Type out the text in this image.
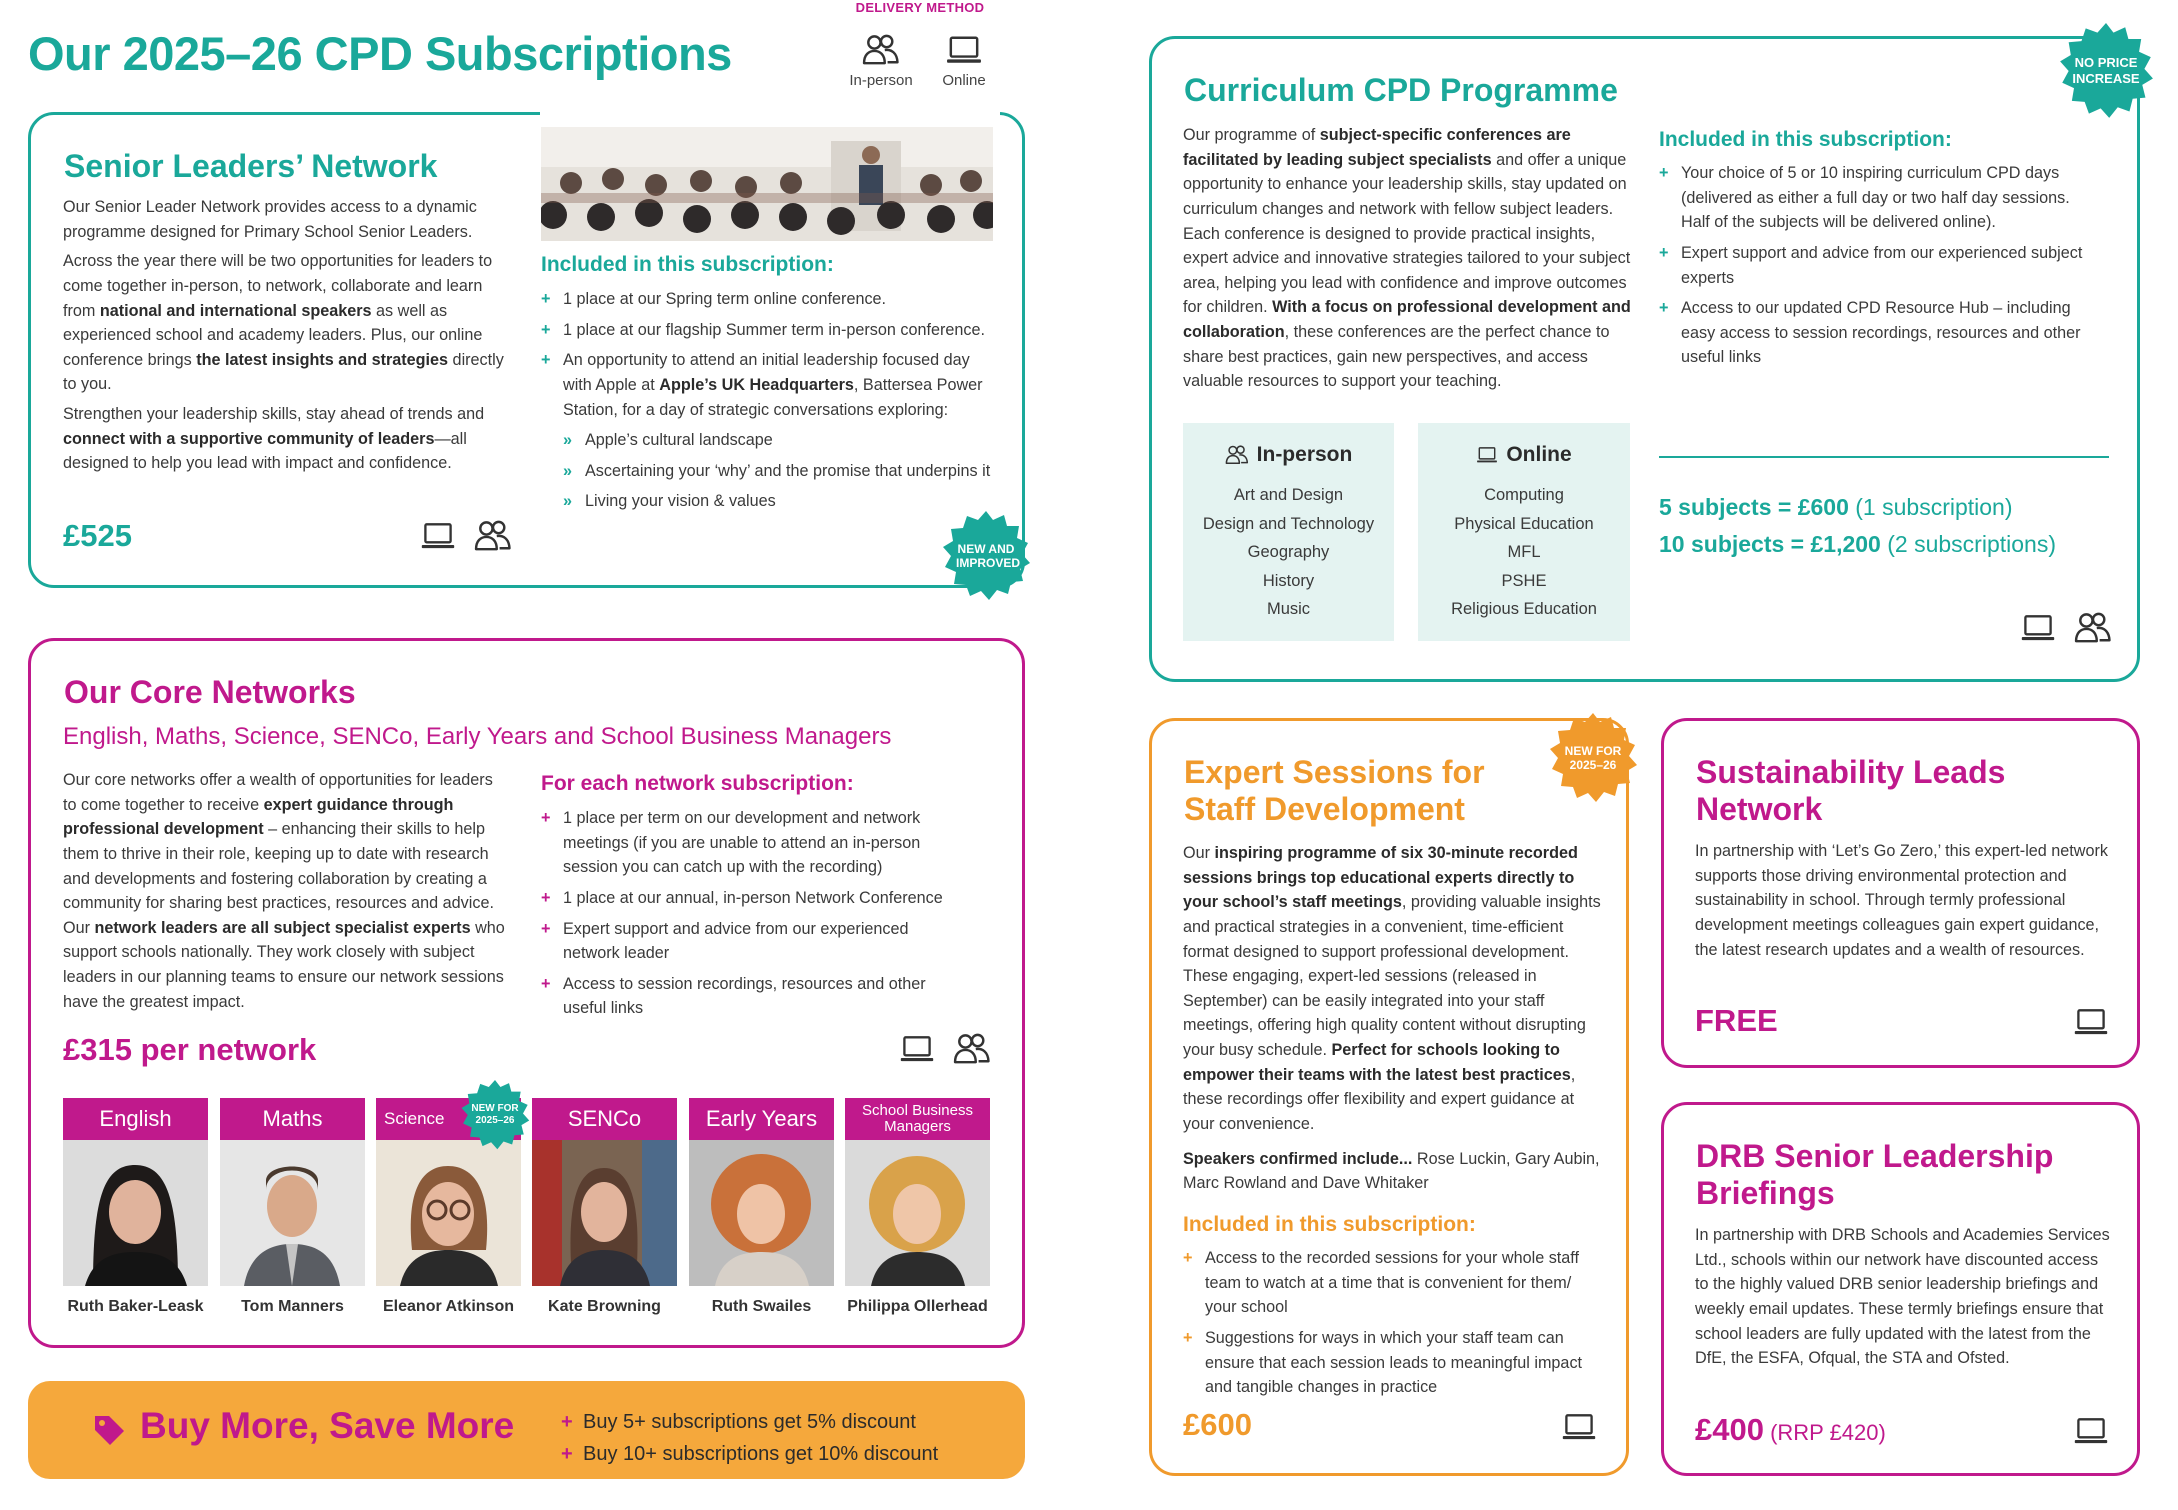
Our 2025–26 CPD Subscriptions
DELIVERY METHOD
In-person	Online
Senior Leaders’ Network

Our Senior Leader Network provides access to a dynamic programme designed for Primary School Senior Leaders.

Across the year there will be two opportunities for leaders to come together in-person, to network, collaborate and learn from national and international speakers as well as experienced school and academy leaders. Plus, our online conference brings the latest insights and strategies directly to you.

Strengthen your leadership skills, stay ahead of trends and connect with a supportive community of leaders—all designed to help you lead with impact and confidence.

£525
Included in this subscription:
+ 1 place at our Spring term online conference.
+ 1 place at our flagship Summer term in-person conference.
+ An opportunity to attend an initial leadership focused day with Apple at Apple’s UK Headquarters, Battersea Power Station, for a day of strategic conversations exploring:
» Apple’s cultural landscape
» Ascertaining your ‘why’ and the promise that underpins it
» Living your vision & values
NEW AND IMPROVED
Our Core Networks
English, Maths, Science, SENCo, Early Years and School Business Managers

Our core networks offer a wealth of opportunities for leaders to come together to receive expert guidance through professional development – enhancing their skills to help them to thrive in their role, keeping up to date with research and developments and fostering collaboration by creating a community for sharing best practices, resources and advice. Our network leaders are all subject specialist experts who support schools nationally. They work closely with subject leaders in our planning teams to ensure our network sessions have the greatest impact.

For each network subscription:
+ 1 place per term on our development and network meetings (if you are unable to attend an in-person session you can catch up with the recording)
+ 1 place at our annual, in-person Network Conference
+ Expert support and advice from our experienced network leader
+ Access to session recordings, resources and other useful links
£315 per network
English
Ruth Baker-Leask
Maths
Tom Manners
Science
Eleanor Atkinson
NEW FOR 2025–26	SENCo
Kate Browning
Early Years
Ruth Swailes
School Business Managers
Philippa Ollerhead
Buy More, Save More
+	Buy 5+ subscriptions get 5% discount
+ Buy 10+ subscriptions get 10% discount
Curriculum CPD Programme
NO PRICE INCREASE

Our programme of subject-specific conferences are facilitated by leading subject specialists and offer a unique opportunity to enhance your leadership skills, stay updated on curriculum changes and network with fellow subject leaders. Each conference is designed to provide practical insights, expert advice and innovative strategies tailored to your subject area, helping you lead with confidence and improve outcomes for children. With a focus on professional development and collaboration, these conferences are the perfect chance to share best practices, gain new perspectives, and access valuable resources to support your teaching.

Included in this subscription:
+ Your choice of 5 or 10 inspiring curriculum CPD days (delivered as either a full day or two half day sessions. Half of the subjects will be delivered online).
+ Expert support and advice from our experienced subject experts
+ Access to our updated CPD Resource Hub – including easy access to session recordings, resources and other useful links
In-person
Art and Design
Design and Technology
Geography
History
Music
Online
Computing
Physical Education
MFL
PSHE
Religious Education
5 subjects = £600 (1 subscription)
10 subjects = £1,200 (2 subscriptions)
Expert Sessions for Staff Development
NEW FOR 2025–26

Our inspiring programme of six 30-minute recorded sessions brings top educational experts directly to your school’s staff meetings, providing valuable insights and practical strategies in a convenient, time-efficient format designed to support professional development. These engaging, expert-led sessions (released in September) can be easily integrated into your staff meetings, offering high quality content without disrupting your busy schedule. Perfect for schools looking to empower their teams with the latest best practices, these recordings offer flexibility and expert guidance at your convenience.

Speakers confirmed include... Rose Luckin, Gary Aubin, Marc Rowland and Dave Whitaker

Included in this subscription:
+ Access to the recorded sessions for your whole staff team to watch at a time that is convenient for them/ your school
+ Suggestions for ways in which your staff team can ensure that each session leads to meaningful impact and tangible changes in practice
£600
Sustainability Leads Network
In partnership with ‘Let’s Go Zero,’ this expert-led network supports those driving environmental protection and sustainability in school. Through termly professional development meetings colleagues gain expert guidance, the latest research updates and a wealth of resources.
FREE
DRB Senior Leadership Briefings
In partnership with DRB Schools and Academies Services Ltd., schools within our network have discounted access to the highly valued DRB senior leadership briefings and weekly email updates. These termly briefings ensure that school leaders are fully updated with the latest from the DfE, the ESFA, Ofqual, the STA and Ofsted.
£400 (RRP £420)
